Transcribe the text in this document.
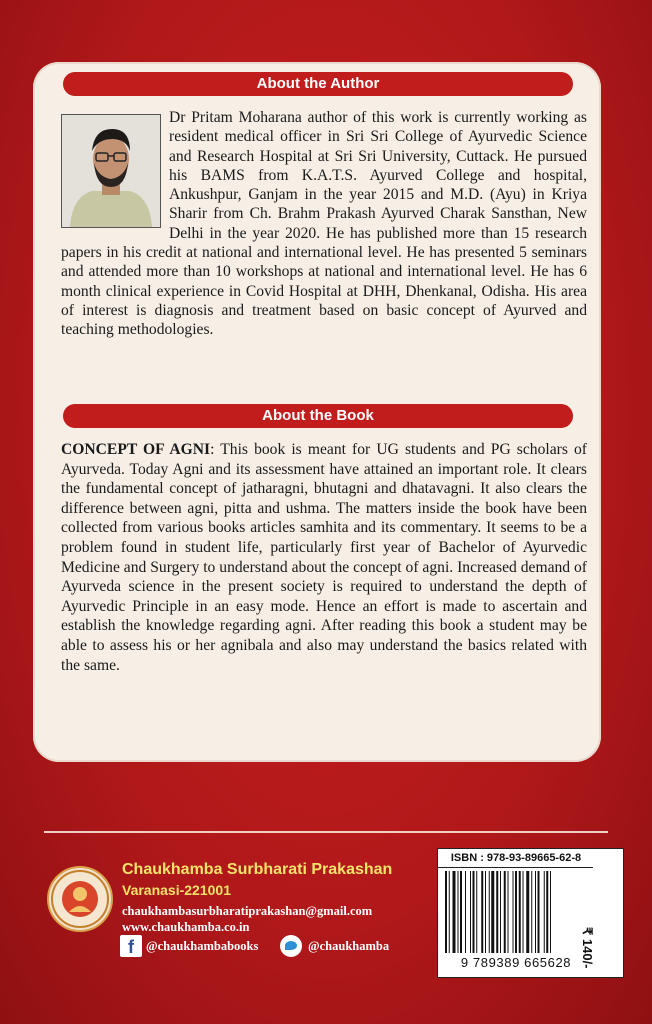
About the Author
Dr Pritam Moharana author of this work is currently working as resident medical officer in Sri Sri College of Ayurvedic Science and Research Hospital at Sri Sri University, Cuttack. He pursued his BAMS from K.A.T.S. Ayurved College and hospital, Ankushpur, Ganjam in the year 2015 and M.D. (Ayu) in Kriya Sharir from Ch. Brahm Prakash Ayurved Charak Sansthan, New Delhi in the year 2020. He has published more than 15 research papers in his credit at national and international level. He has presented 5 seminars and attended more than 10 workshops at national and international level. He has 6 month clinical experience in Covid Hospital at DHH, Dhenkanal, Odisha. His area of interest is diagnosis and treatment based on basic concept of Ayurved and teaching methodologies.
About the Book
CONCEPT OF AGNI: This book is meant for UG students and PG scholars of Ayurveda. Today Agni and its assessment have attained an important role. It clears the fundamental concept of jatharagni, bhutagni and dhatavagni. It also clears the difference between agni, pitta and ushma. The matters inside the book have been collected from various books articles samhita and its commentary. It seems to be a problem found in student life, particularly first year of Bachelor of Ayurvedic Medicine and Surgery to understand about the concept of agni. Increased demand of Ayurveda science in the present society is required to understand the depth of Ayurvedic Principle in an easy mode. Hence an effort is made to ascertain and establish the knowledge regarding agni. After reading this book a student may be able to assess his or her agnibala and also may understand the basics related with the same.
Chaukhamba Surbharati Prakashan
Varanasi-221001
chaukhambasurbharatiprakashan@gmail.com
www.chaukhamba.co.in
f @chaukhambabooks	@chaukhamba
ISBN : 978-93-89665-62-8
9 789389 665628 ₹ 140/-
